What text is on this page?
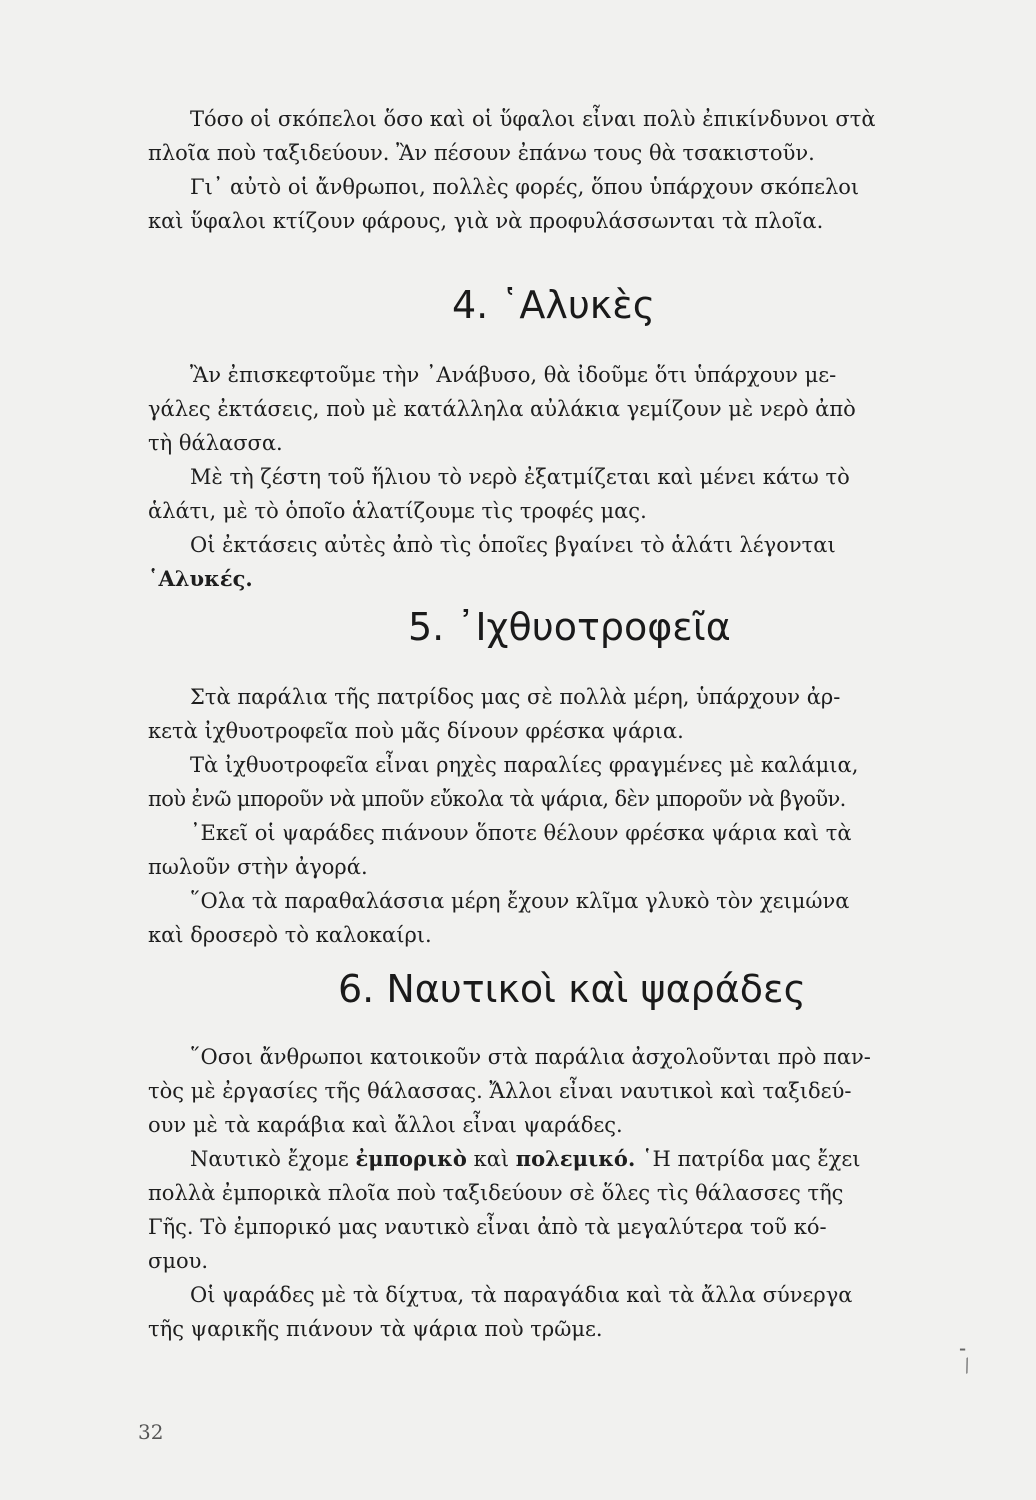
Τόσο οἱ σκόπελοι ὅσο καὶ οἱ ὕφαλοι εἶναι πολὺ ἐπικίνδυνοι στὰ
πλοῖα ποὺ ταξιδεύουν. Ἂν πέσουν ἐπάνω τους θὰ τσακιστοῦν.
Γι᾿ αὐτὸ οἱ ἄνθρωποι, πολλὲς φορές, ὅπου ὑπάρχουν σκόπελοι
καὶ ὕφαλοι κτίζουν φάρους, γιὰ νὰ προφυλάσσωνται τὰ πλοῖα.
4. ῾Αλυκὲς
Ἂν ἐπισκεφτοῦμε τὴν ᾿Ανάβυσο, θὰ ἰδοῦμε ὅτι ὑπάρχουν με-
γάλες ἐκτάσεις, ποὺ μὲ κατάλληλα αὐλάκια γεμίζουν μὲ νερὸ ἀπὸ
τὴ θάλασσα.
Μὲ τὴ ζέστη τοῦ ἥλιου τὸ νερὸ ἐξατμίζεται καὶ μένει κάτω τὸ
ἁλάτι, μὲ τὸ ὁποῖο ἁλατίζουμε τὶς τροφές μας.
Οἱ ἐκτάσεις αὐτὲς ἀπὸ τὶς ὁποῖες βγαίνει τὸ ἁλάτι λέγονται
῾Αλυκές.
5. ᾿Ιχθυοτροφεῖα
Στὰ παράλια τῆς πατρίδος μας σὲ πολλὰ μέρη, ὑπάρχουν ἀρ-
κετὰ ἰχθυοτροφεῖα ποὺ μᾶς δίνουν φρέσκα ψάρια.
Τὰ ἰχθυοτροφεῖα εἶναι ρηχὲς παραλίες φραγμένες μὲ καλάμια,
ποὺ ἐνῶ μποροῦν νὰ μποῦν εὔκολα τὰ ψάρια, δὲν μποροῦν νὰ βγοῦν.
᾿Εκεῖ οἱ ψαράδες πιάνουν ὅποτε θέλουν φρέσκα ψάρια καὶ τὰ
πωλοῦν στὴν ἀγορά.
῞Ολα τὰ παραθαλάσσια μέρη ἔχουν κλῖμα γλυκὸ τὸν χειμώνα
καὶ δροσερὸ τὸ καλοκαίρι.
6. Ναυτικοὶ καὶ ψαράδες
῞Οσοι ἄνθρωποι κατοικοῦν στὰ παράλια ἀσχολοῦνται πρὸ παν-
τὸς μὲ ἐργασίες τῆς θάλασσας. Ἄλλοι εἶναι ναυτικοὶ καὶ ταξιδεύ-
ουν μὲ τὰ καράβια καὶ ἄλλοι εἶναι ψαράδες.
Ναυτικὸ ἔχομε ἐμπορικὸ καὶ πολεμικό. ῾Η πατρίδα μας ἔχει
πολλὰ ἐμπορικὰ πλοῖα ποὺ ταξιδεύουν σὲ ὅλες τὶς θάλασσες τῆς
Γῆς. Τὸ ἐμπορικό μας ναυτικὸ εἶναι ἀπὸ τὰ μεγαλύτερα τοῦ κό-
σμου.
Οἱ ψαράδες μὲ τὰ δίχτυα, τὰ παραγάδια καὶ τὰ ἄλλα σύνεργα
τῆς ψαρικῆς πιάνουν τὰ ψάρια ποὺ τρῶμε.
⁃
⁄
32
